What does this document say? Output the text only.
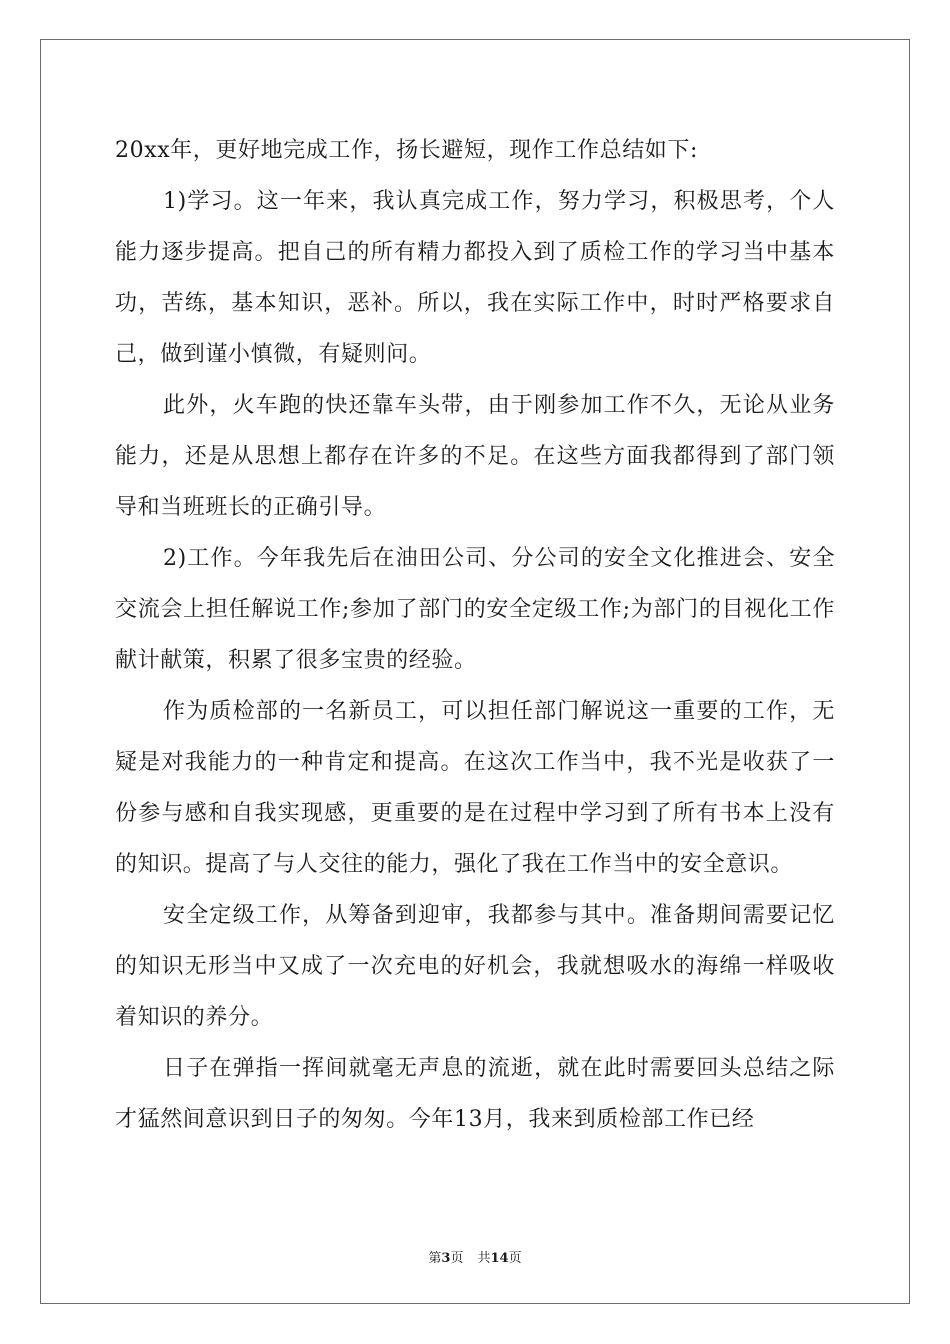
20xx年，更好地完成工作，扬长避短，现作工作总结如下:

1)学习。这一年来，我认真完成工作，努力学习，积极思考，个人能力逐步提高。把自己的所有精力都投入到了质检工作的学习当中基本功，苦练，基本知识，恶补。所以，我在实际工作中，时时严格要求自己，做到谨小慎微，有疑则问。

此外，火车跑的快还靠车头带，由于刚参加工作不久，无论从业务能力，还是从思想上都存在许多的不足。在这些方面我都得到了部门领导和当班班长的正确引导。

2)工作。今年我先后在油田公司、分公司的安全文化推进会、安全交流会上担任解说工作;参加了部门的安全定级工作;为部门的目视化工作献计献策，积累了很多宝贵的经验。

作为质检部的一名新员工，可以担任部门解说这一重要的工作，无疑是对我能力的一种肯定和提高。在这次工作当中，我不光是收获了一份参与感和自我实现感，更重要的是在过程中学习到了所有书本上没有的知识。提高了与人交往的能力，强化了我在工作当中的安全意识。

安全定级工作，从筹备到迎审，我都参与其中。准备期间需要记忆的知识无形当中又成了一次充电的好机会，我就想吸水的海绵一样吸收着知识的养分。

日子在弹指一挥间就毫无声息的流逝，就在此时需要回头总结之际才猛然间意识到日子的匆匆。今年13月，我来到质检部工作已经

第3页 共14页
